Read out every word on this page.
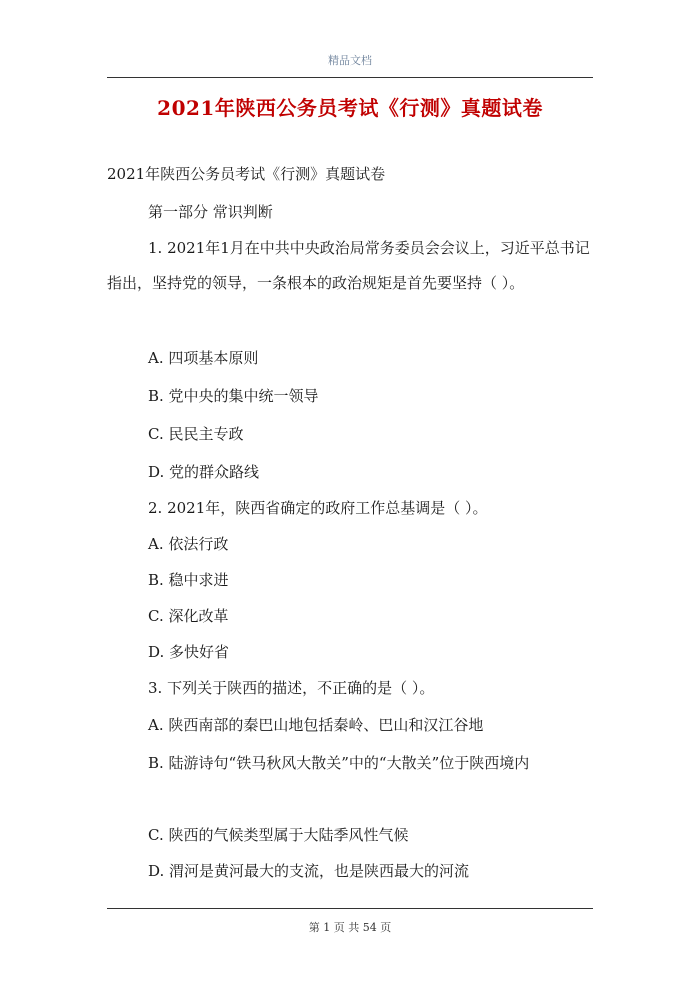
精品文档
2021年陕西公务员考试《行测》真题试卷
2021年陕西公务员考试《行测》真题试卷
第一部分 常识判断
1. 2021年1月在中共中央政治局常务委员会会议上，习近平总书记指出，坚持党的领导，一条根本的政治规矩是首先要坚持（ ）。
A. 四项基本原则
B. 党中央的集中统一领导
C. 民民主专政
D. 党的群众路线
2. 2021年，陕西省确定的政府工作总基调是（ ）。
A. 依法行政
B. 稳中求进
C. 深化改革
D. 多快好省
3. 下列关于陕西的描述，不正确的是（ ）。
A. 陕西南部的秦巴山地包括秦岭、巴山和汉江谷地
B. 陆游诗句“铁马秋风大散关”中的“大散关”位于陕西境内
C. 陕西的气候类型属于大陆季风性气候
D. 渭河是黄河最大的支流，也是陕西最大的河流
第 1 页 共 54 页
